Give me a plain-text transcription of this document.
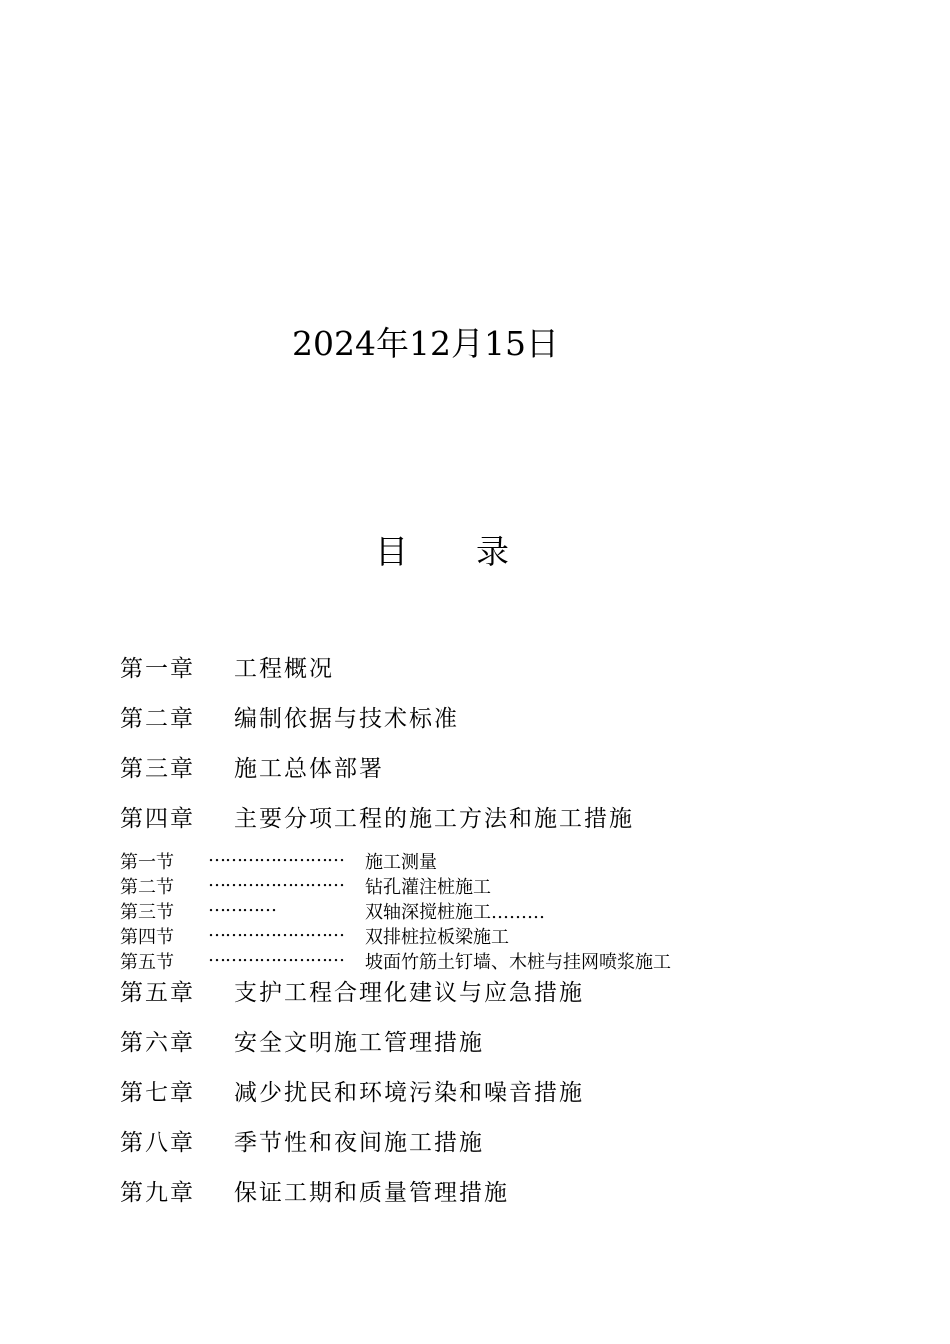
2024年12月15日
目 录
第一章 工程概况
第二章 编制依据与技术标准
第三章 施工总体部署
第四章 主要分项工程的施工方法和施工措施
第一节 …………………… 施工测量
第二节 …………………… 钻孔灌注桩施工
第三节 …………	双轴深搅桩施工………
第四节 …………………… 双排桩拉板梁施工
第五节 …………………… 坡面竹筋土钉墙、木桩与挂网喷浆施工
第五章 支护工程合理化建议与应急措施
第六章 安全文明施工管理措施
第七章 减少扰民和环境污染和噪音措施
第八章 季节性和夜间施工措施
第九章 保证工期和质量管理措施
